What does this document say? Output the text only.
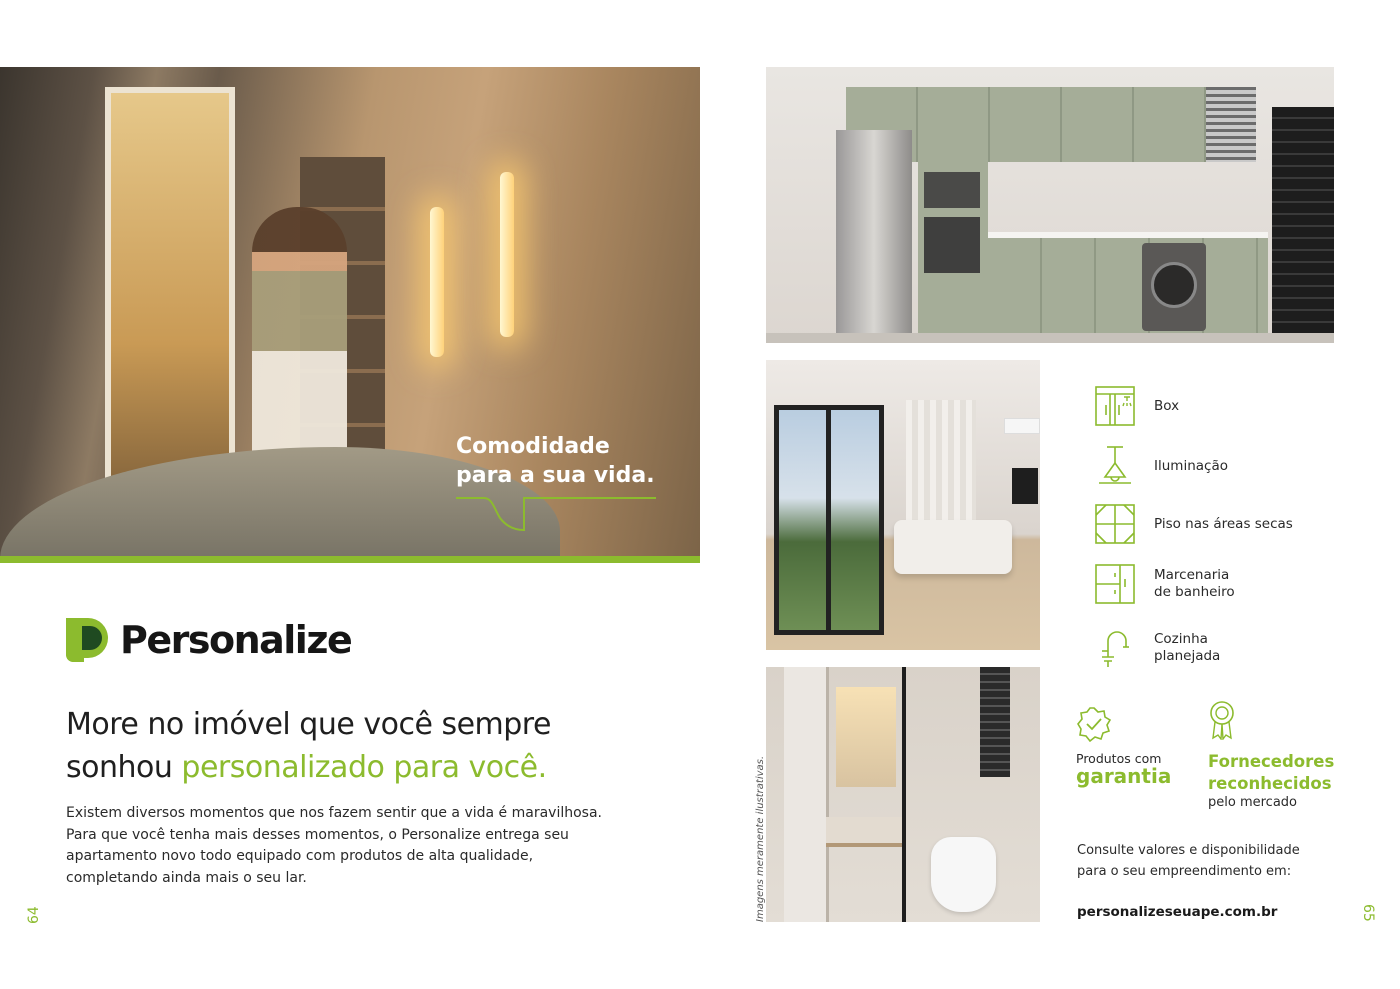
Comodidade
para a sua vida.
Personalize
More no imóvel que você sempre
sonhou personalizado para você.

Existem diversos momentos que nos fazem sentir que a vida é maravilhosa.

Para que você tenha mais desses momentos, o Personalize entrega seu

apartamento novo todo equipado com produtos de alta qualidade,

completando ainda mais o seu lar.

64	Imagens meramente ilustrativas.
Box
Iluminação
Piso nas áreas secas
Marcenaria
de banheiro
Cozinha
planejada
Produtos com
garantia
Fornecedores
reconhecidos
pelo mercado
Consulte valores e disponibilidade
para o seu empreendimento em:
personalizeseuape.com.br	65
